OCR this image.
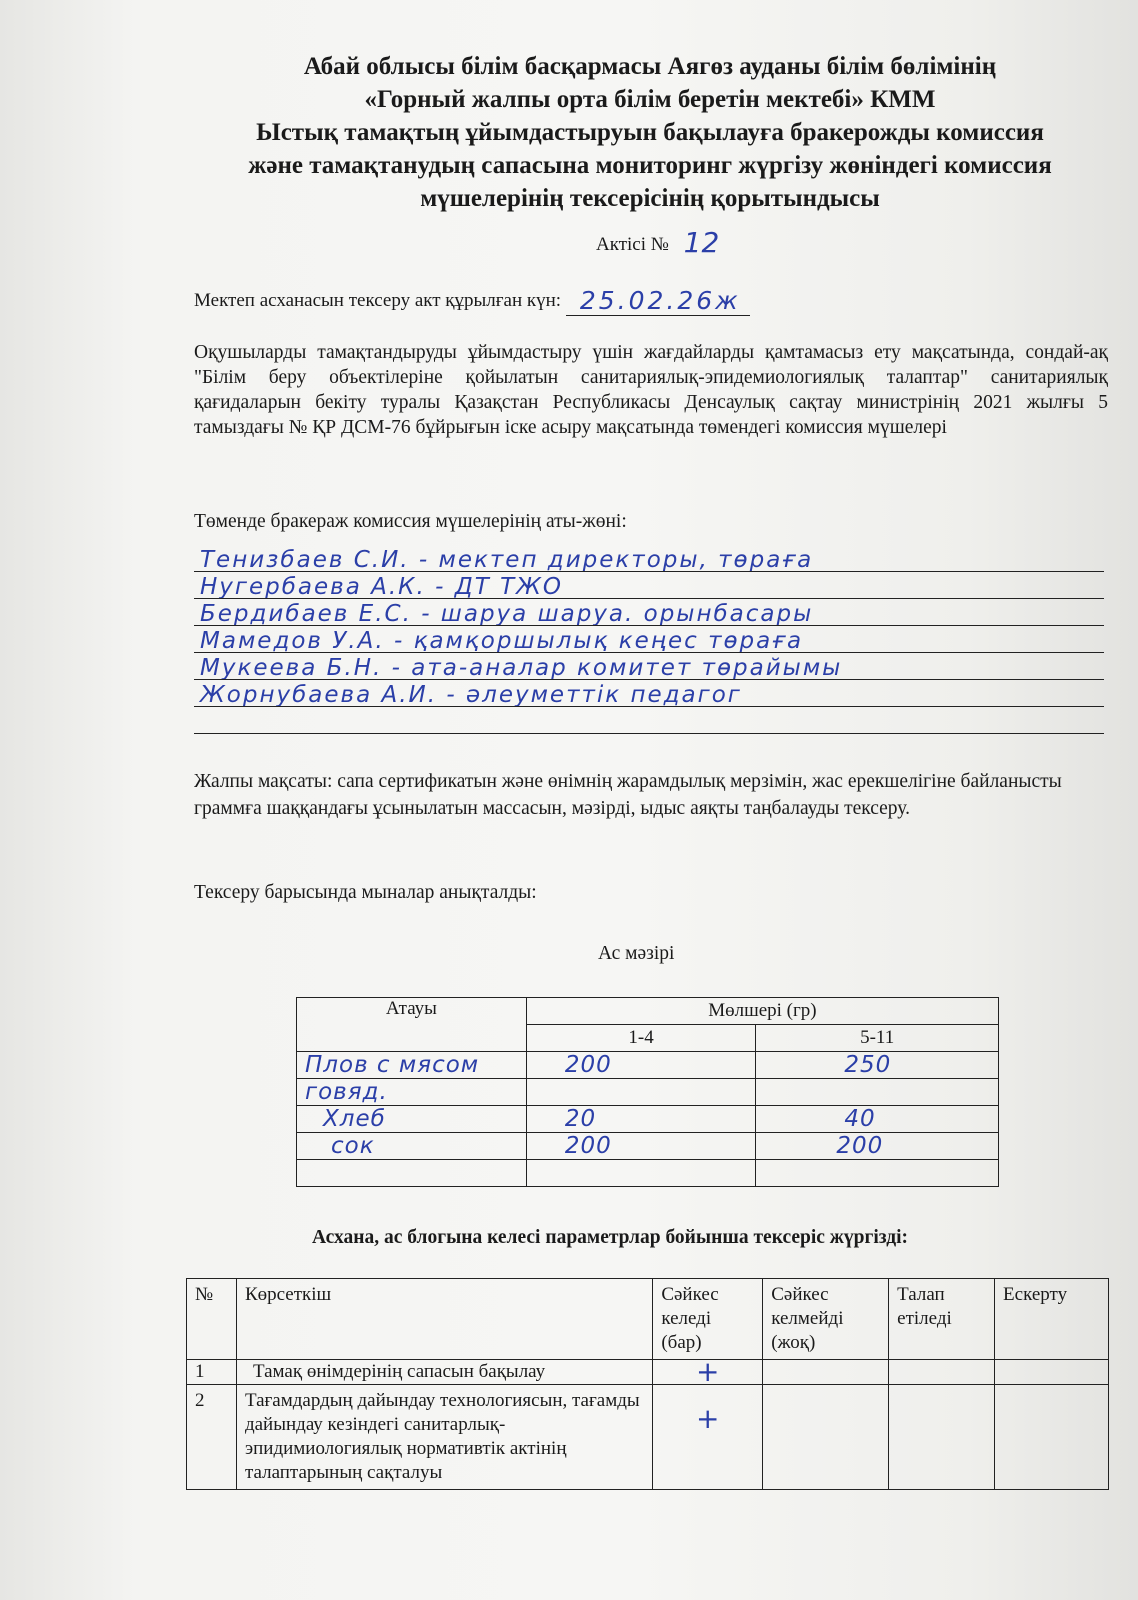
Абай облысы білім басқармасы Аягөз ауданы білім бөлімінің
«Горный жалпы орта білім беретін мектебі» КММ
Ыстық тамақтың ұйымдастыруын бақылауға бракерожды комиссия
және тамақтанудың сапасына мониторинг жүргізу жөніндегі комиссия
мүшелерінің тексерісінің қорытындысы
Актісі № 12
Мектеп асханасын тексеру акт құрылған күн: 25.02.26ж
Оқушыларды тамақтандыруды ұйымдастыру үшін жағдайларды қамтамасыз ету мақсатында, сондай-ақ "Білім беру объектілеріне қойылатын санитариялық-эпидемиологиялық талаптар" санитариялық қағидаларын бекіту туралы Қазақстан Республикасы Денсаулық сақтау министрінің 2021 жылғы 5 тамыздағы № ҚР ДСМ-76 бұйрығын іске асыру мақсатында төмендегі комиссия мүшелері
Төменде бракераж комиссия мүшелерінің аты-жөні:
Тенизбаев С.И. - мектеп директоры, төраға
Нугербаева А.К. - ДТ ТЖО
Бердибаев Е.С. - шаруа шаруа. орынбасары
Мамедов У.А. - қамқоршылық кеңес төраға
Мукеева Б.Н. - ата-аналар комитет төрайымы
Жорнубаева А.И. - әлеуметтік педагог
Жалпы мақсаты: сапа сертификатын және өнімнің жарамдылық мерзімін, жас ерекшелігіне байланысты граммға шаққандағы ұсынылатын массасын, мәзірді, ыдыс аяқты таңбалауды тексеру.
Тексеру барысында мыналар анықталды:
Ас мәзірі
Атауы	Мөлшері (гр)	
	1-4	5-11
Плов с мясом	200	250
говяд.		
Хлеб	20	40
сок	200	200

Асхана, ас блогына келесі параметрлар бойынша тексеріс жүргізді:
№	Көрсеткіш	Сәйкес келеді (бар)	Сәйкес келмейді (жоқ)	Талап етіледі	Ескерту
1	Тамақ өнімдерінің сапасын бақылау	+			
2	Тағамдардың дайындау технологиясын, тағамды дайындау кезіндегі санитарлық-эпидимиологиялық нормативтік актінің талаптарының сақталуы	+			
